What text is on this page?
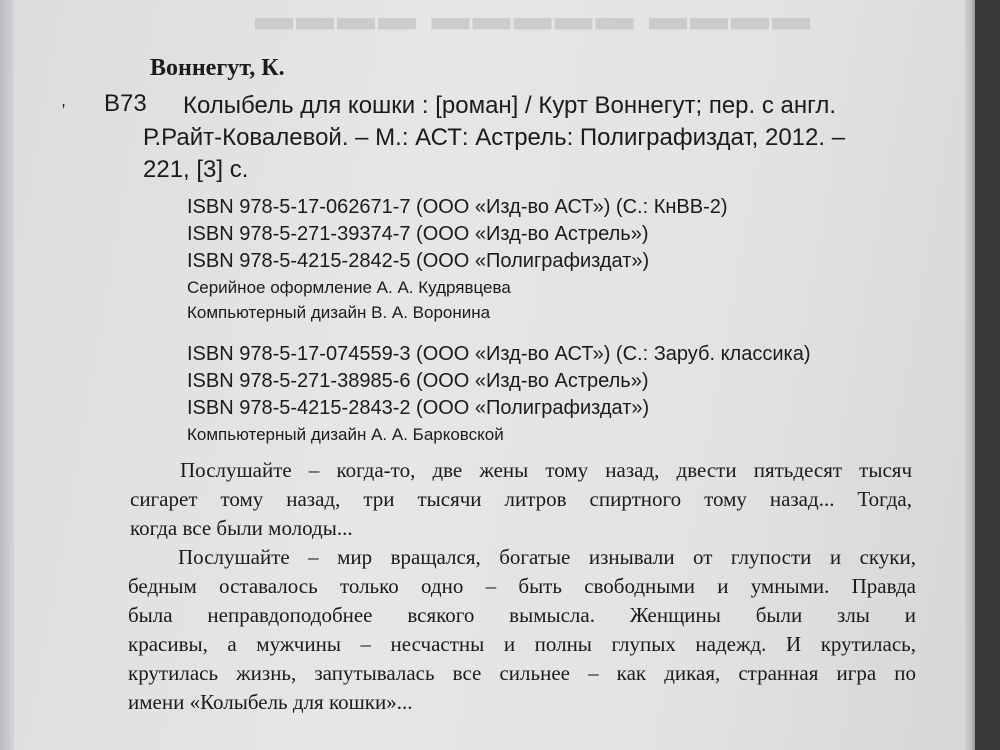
▬▬▬▬ ▬▬▬▬▬ ▬▬▬▬
Воннегут, К.
' В73 Колыбель для кошки : [роман] / Курт Воннегут; пер. с англ.
Р.Райт-Ковалевой. – М.: АСТ: Астрель: Полиграфиздат, 2012. –
221, [3] с.
ISBN 978-5-17-062671-7 (ООО «Изд-во АСТ») (С.: КнВВ-2)
ISBN 978-5-271-39374-7 (ООО «Изд-во Астрель»)
ISBN 978-5-4215-2842-5 (ООО «Полиграфиздат»)
Серийное оформление А. А. Кудрявцева
Компьютерный дизайн В. А. Воронина
ISBN 978-5-17-074559-3 (ООО «Изд-во АСТ») (С.: Заруб. классика)
ISBN 978-5-271-38985-6 (ООО «Изд-во Астрель»)
ISBN 978-5-4215-2843-2 (ООО «Полиграфиздат»)
Компьютерный дизайн А. А. Барковской
Послушайте – когда-то, две жены тому назад, двести пятьдесят тысяч
сигарет тому назад, три тысячи литров спиртного тому назад... Тогда,
когда все были молоды...
Послушайте – мир вращался, богатые изнывали от глупости и скуки,
бедным оставалось только одно – быть свободными и умными. Правда
была неправдоподобнее всякого вымысла. Женщины были злы и
красивы, а мужчины – несчастны и полны глупых надежд. И крутилась,
крутилась жизнь, запутывалась все сильнее – как дикая, странная игра по
имени «Колыбель для кошки»...
